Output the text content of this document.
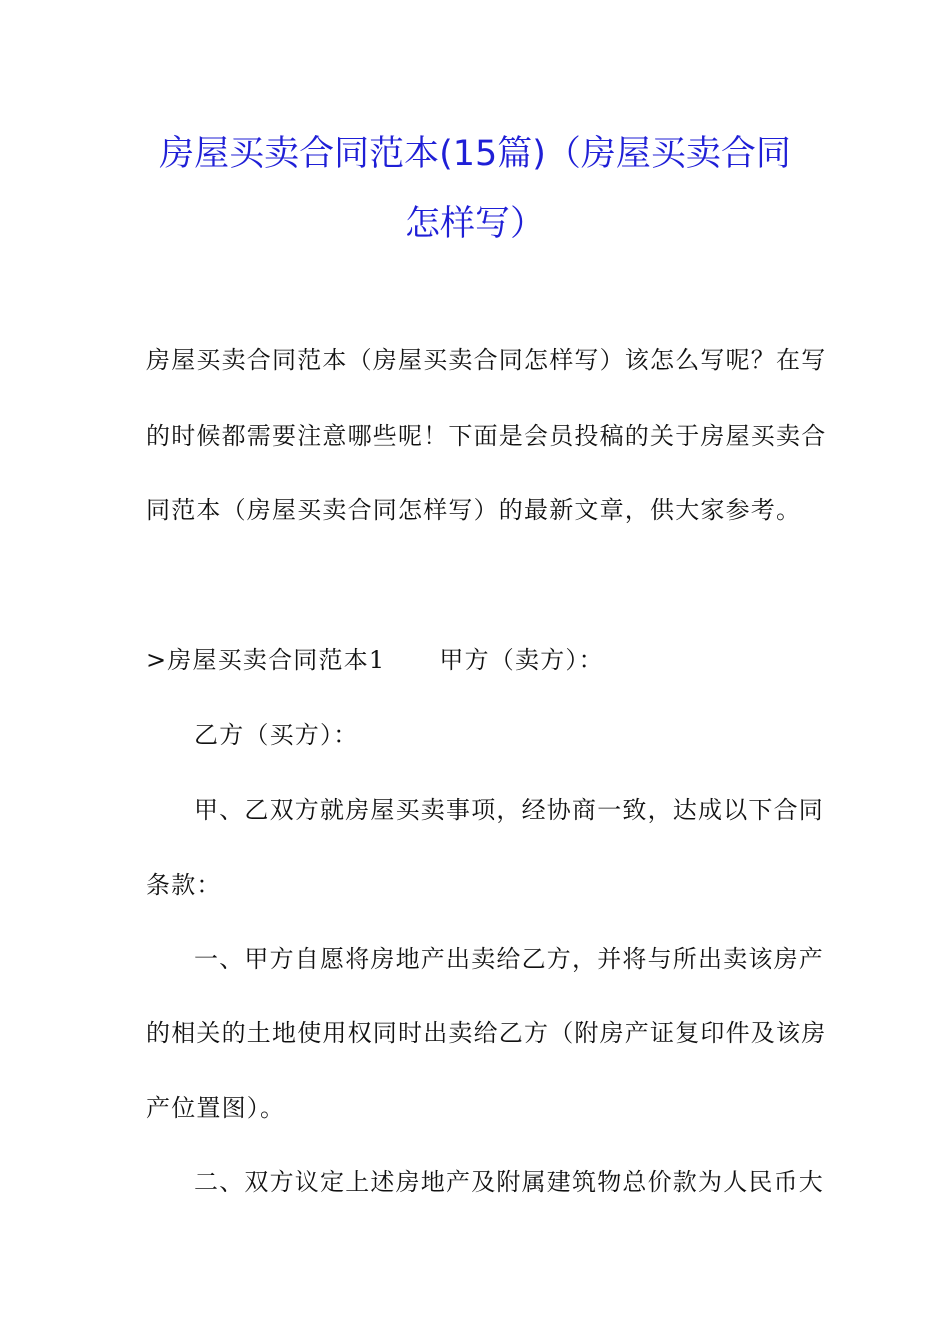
房屋买卖合同范本(15篇)（房屋买卖合同
怎样写）
房屋买卖合同范本（房屋买卖合同怎样写）该怎么写呢？在写
的时候都需要注意哪些呢！下面是会员投稿的关于房屋买卖合
同范本（房屋买卖合同怎样写）的最新文章，供大家参考。
>房屋买卖合同范本1 甲方（卖方）：
乙方（买方）：
甲、乙双方就房屋买卖事项，经协商一致，达成以下合同
条款：
一、甲方自愿将房地产出卖给乙方，并将与所出卖该房产
的相关的土地使用权同时出卖给乙方（附房产证复印件及该房
产位置图）。
二、双方议定上述房地产及附属建筑物总价款为人民币大
